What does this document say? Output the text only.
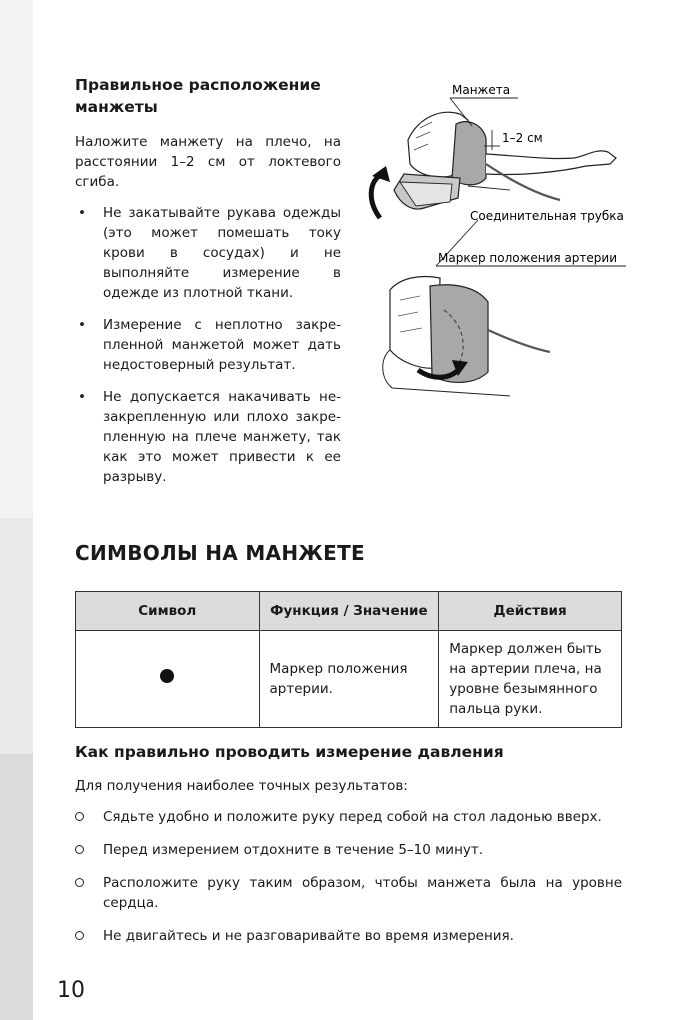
Правильное расположение манжеты

Наложите манжету на плечо, на расстоянии 1–2 см от локтевого сгиба.

• Не закатывайте рукава одежды (это может помешать току крови в сосудах) и не выполняйте измерение в одежде из плотной ткани.
• Измерение с неплотно закрепленной манжетой может дать недостоверный результат.
• Не допускается накачивать незакрепленную или плохо закрепленную на плече манжету, так как это может привести к ее разрыву.
Манжета
1–2 см
Соединительная трубка
Маркер положения артерии
СИМВОЛЫ НА МАНЖЕТЕ
Символ	Функция / Значение	Действия
	Маркер положения артерии.	Маркер должен быть на артерии плеча, на уровне безымянного пальца руки.
Как правильно проводить измерение давления

Для получения наиболее точных результатов:

Сядьте удобно и положите руку перед собой на стол ладонью вверх.
Перед измерением отдохните в течение 5–10 минут.
Расположите руку таким образом, чтобы манжета была на уровне сердца.
Не двигайтесь и не разговаривайте во время измерения.
10
